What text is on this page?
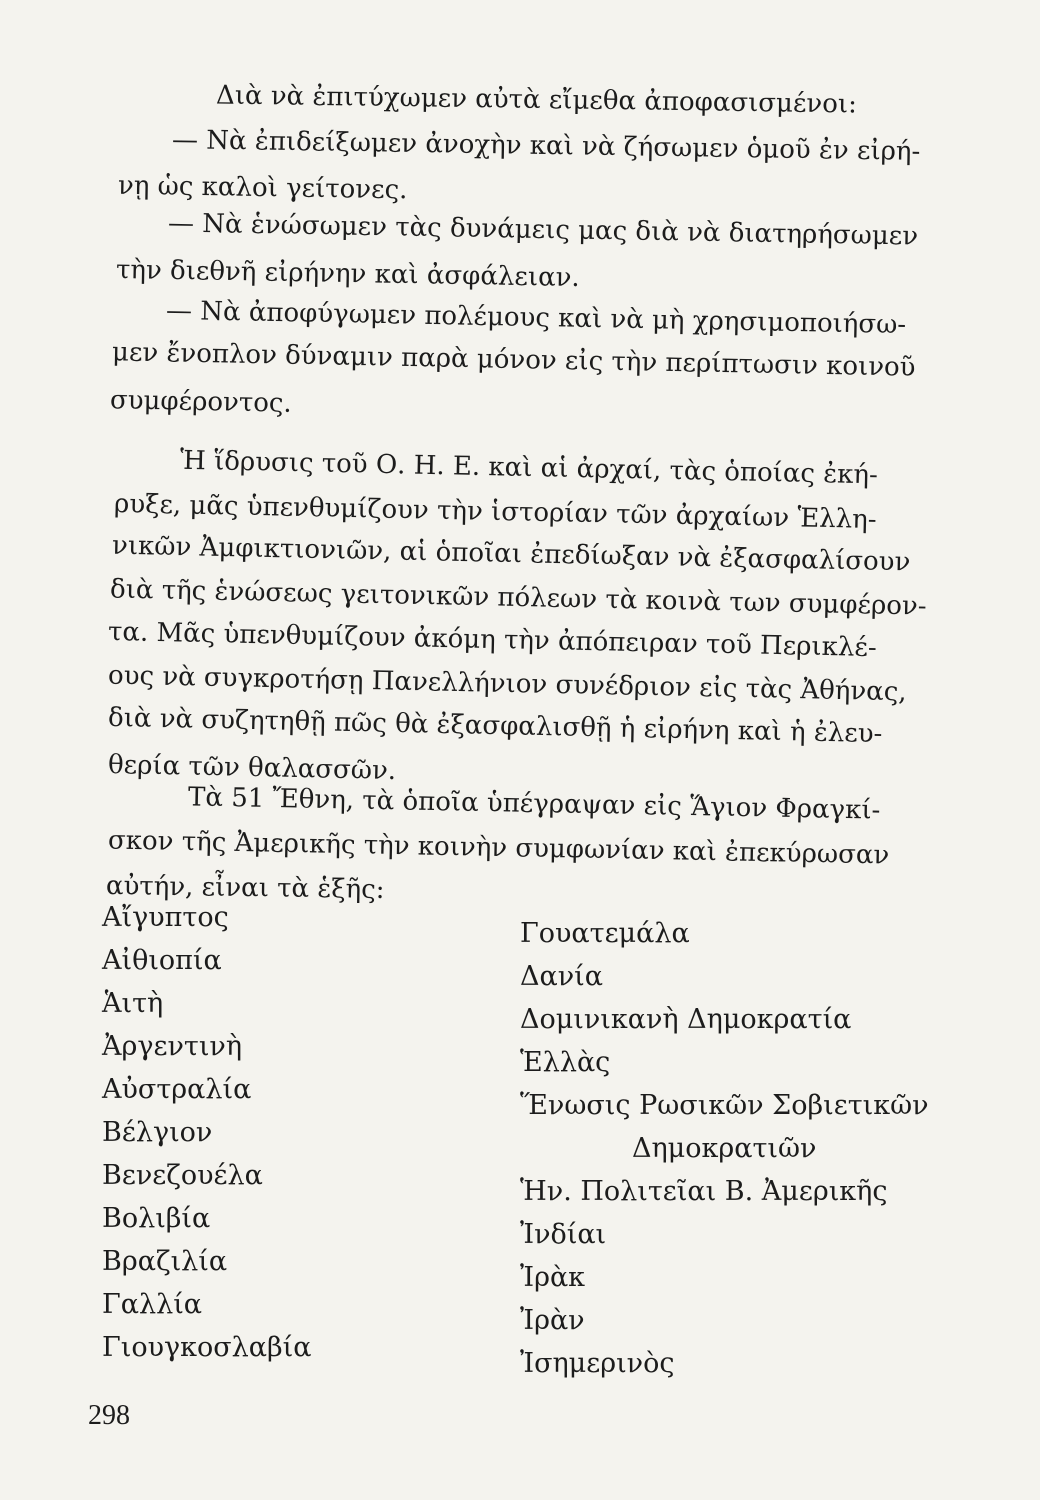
Διὰ νὰ ἐπιτύχωμεν αὐτὰ εἴμεθα ἀποφασισμένοι:
— Νὰ ἐπιδείξωμεν ἀνοχὴν καὶ νὰ ζήσωμεν ὁμοῦ ἐν εἰρή-
νῃ ὡς καλοὶ γείτονες.
— Νὰ ἑνώσωμεν τὰς δυνάμεις μας διὰ νὰ διατηρήσωμεν
τὴν διεθνῆ εἰρήνην καὶ ἀσφάλειαν.
— Νὰ ἀποφύγωμεν πολέμους καὶ νὰ μὴ χρησιμοποιήσω-
μεν ἔνοπλον δύναμιν παρὰ μόνον εἰς τὴν περίπτωσιν κοινοῦ
συμφέροντος.
Ἡ ἵδρυσις τοῦ Ο. Η. Ε. καὶ αἱ ἀρχαί, τὰς ὁποίας ἐκή-
ρυξε, μᾶς ὑπενθυμίζουν τὴν ἱστορίαν τῶν ἀρχαίων Ἑλλη-
νικῶν Ἀμφικτιονιῶν, αἱ ὁποῖαι ἐπεδίωξαν νὰ ἐξασφαλίσουν
διὰ τῆς ἑνώσεως γειτονικῶν πόλεων τὰ κοινὰ των συμφέρον-
τα. Μᾶς ὑπενθυμίζουν ἀκόμη τὴν ἀπόπειραν τοῦ Περικλέ-
ους νὰ συγκροτήσῃ Πανελλήνιον συνέδριον εἰς τὰς Ἀθήνας,
διὰ νὰ συζητηθῇ πῶς θὰ ἐξασφαλισθῇ ἡ εἰρήνη καὶ ἡ ἐλευ-
θερία τῶν θαλασσῶν.
Τὰ 51 Ἔθνη, τὰ ὁποῖα ὑπέγραψαν εἰς Ἅγιον Φραγκί-
σκον τῆς Ἀμερικῆς τὴν κοινὴν συμφωνίαν καὶ ἐπεκύρωσαν
αὐτήν, εἶναι τὰ ἑξῆς:
Αἴγυπτος
Αἰθιοπία
Ἁιτὴ
Ἀργεντινὴ
Αὐστραλία
Βέλγιον
Βενεζουέλα
Βολιβία
Βραζιλία
Γαλλία
Γιουγκοσλαβία
Γουατεμάλα
Δανία
Δομινικανὴ Δημοκρατία
Ἑλλὰς
Ἕνωσις Ρωσικῶν Σοβιετικῶν
Δημοκρατιῶν
Ἡν. Πολιτεῖαι Β. Ἀμερικῆς
Ἰνδίαι
Ἰρὰκ
Ἰρὰν
Ἰσημερινὸς
298
